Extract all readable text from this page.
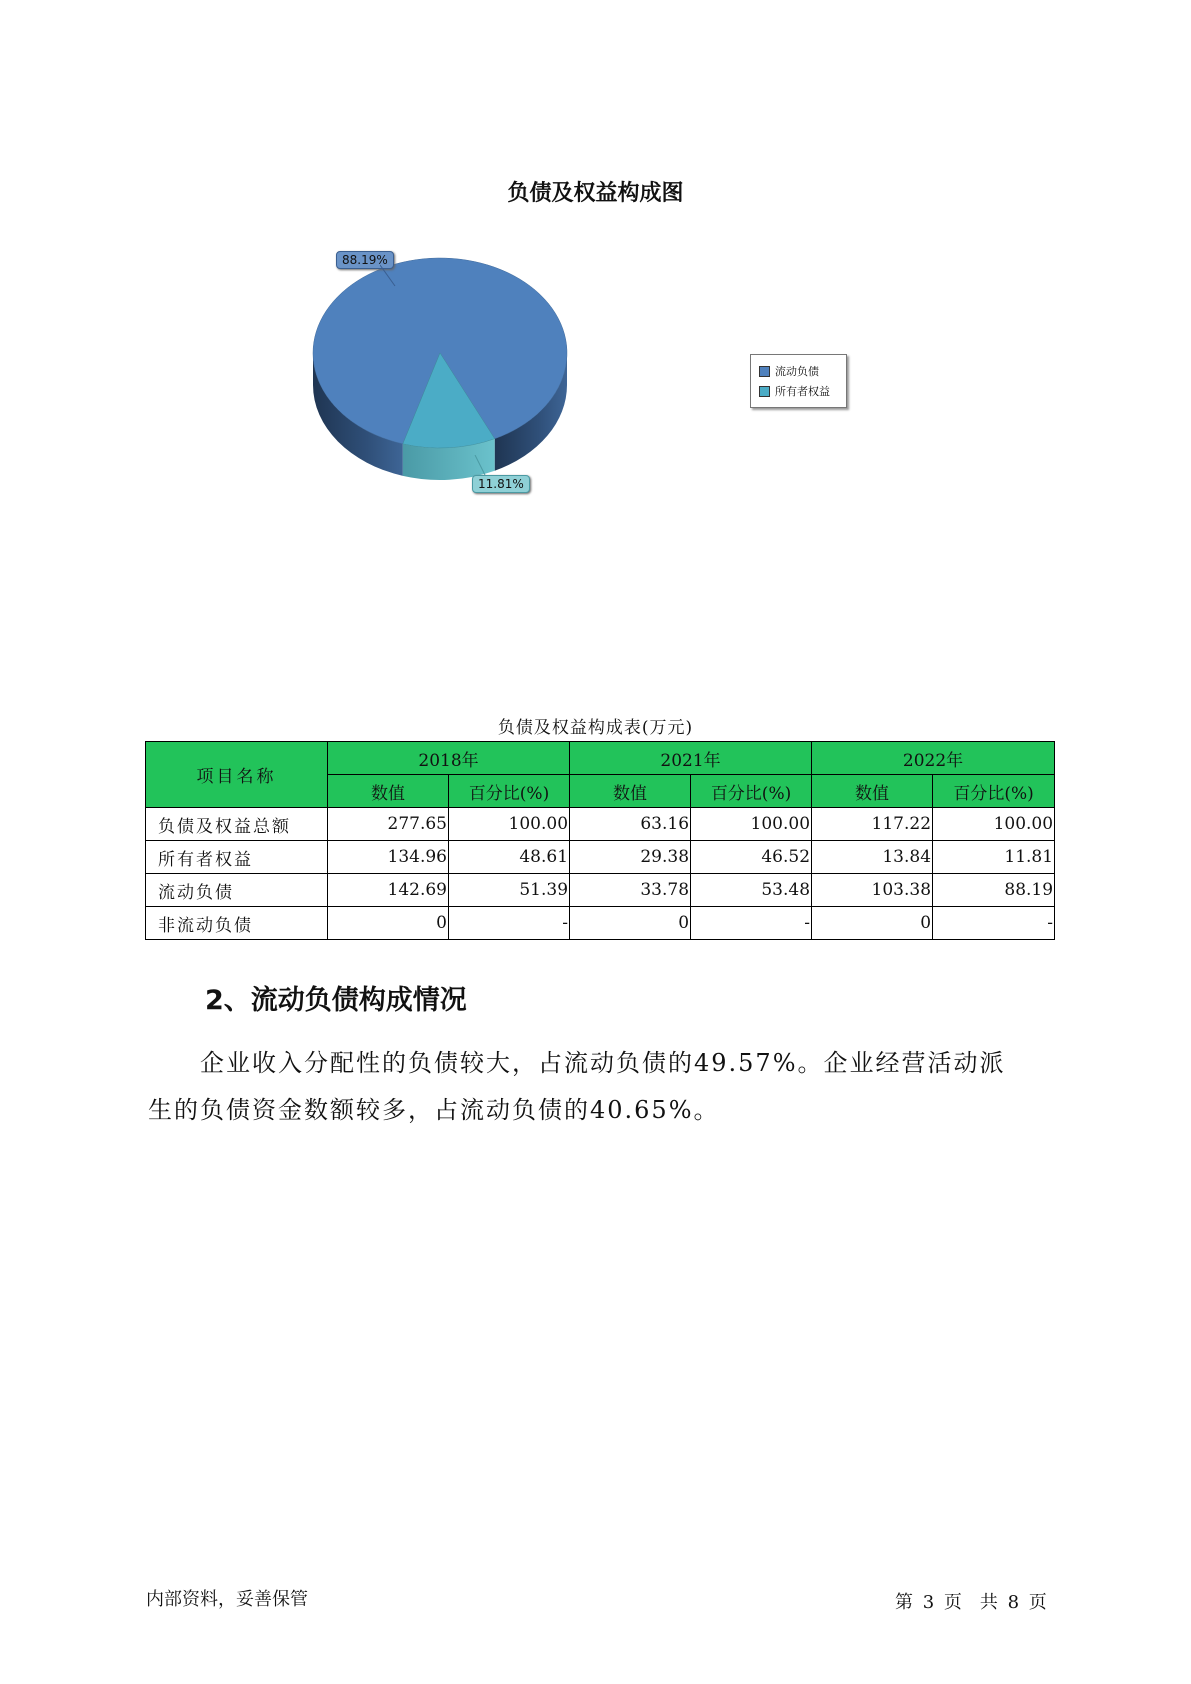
负债及权益构成图
88.19%
11.81%
流动负债
所有者权益
负债及权益构成表(万元)
项目名称	2018年		2021年		2022年	
	数值	百分比(%)	数值	百分比(%)	数值	百分比(%)
负债及权益总额	277.65	100.00	63.16	100.00	117.22	100.00
所有者权益	134.96	48.61	29.38	46.52	13.84	11.81
流动负债	142.69	51.39	33.78	53.48	103.38	88.19
非流动负债	0	-	0	-	0	-
2、流动负债构成情况
　　企业收入分配性的负债较大，占流动负债的49.57%。企业经营活动派
生的负债资金数额较多，占流动负债的40.65%。
内部资料，妥善保管	第 3 页　共 8 页
